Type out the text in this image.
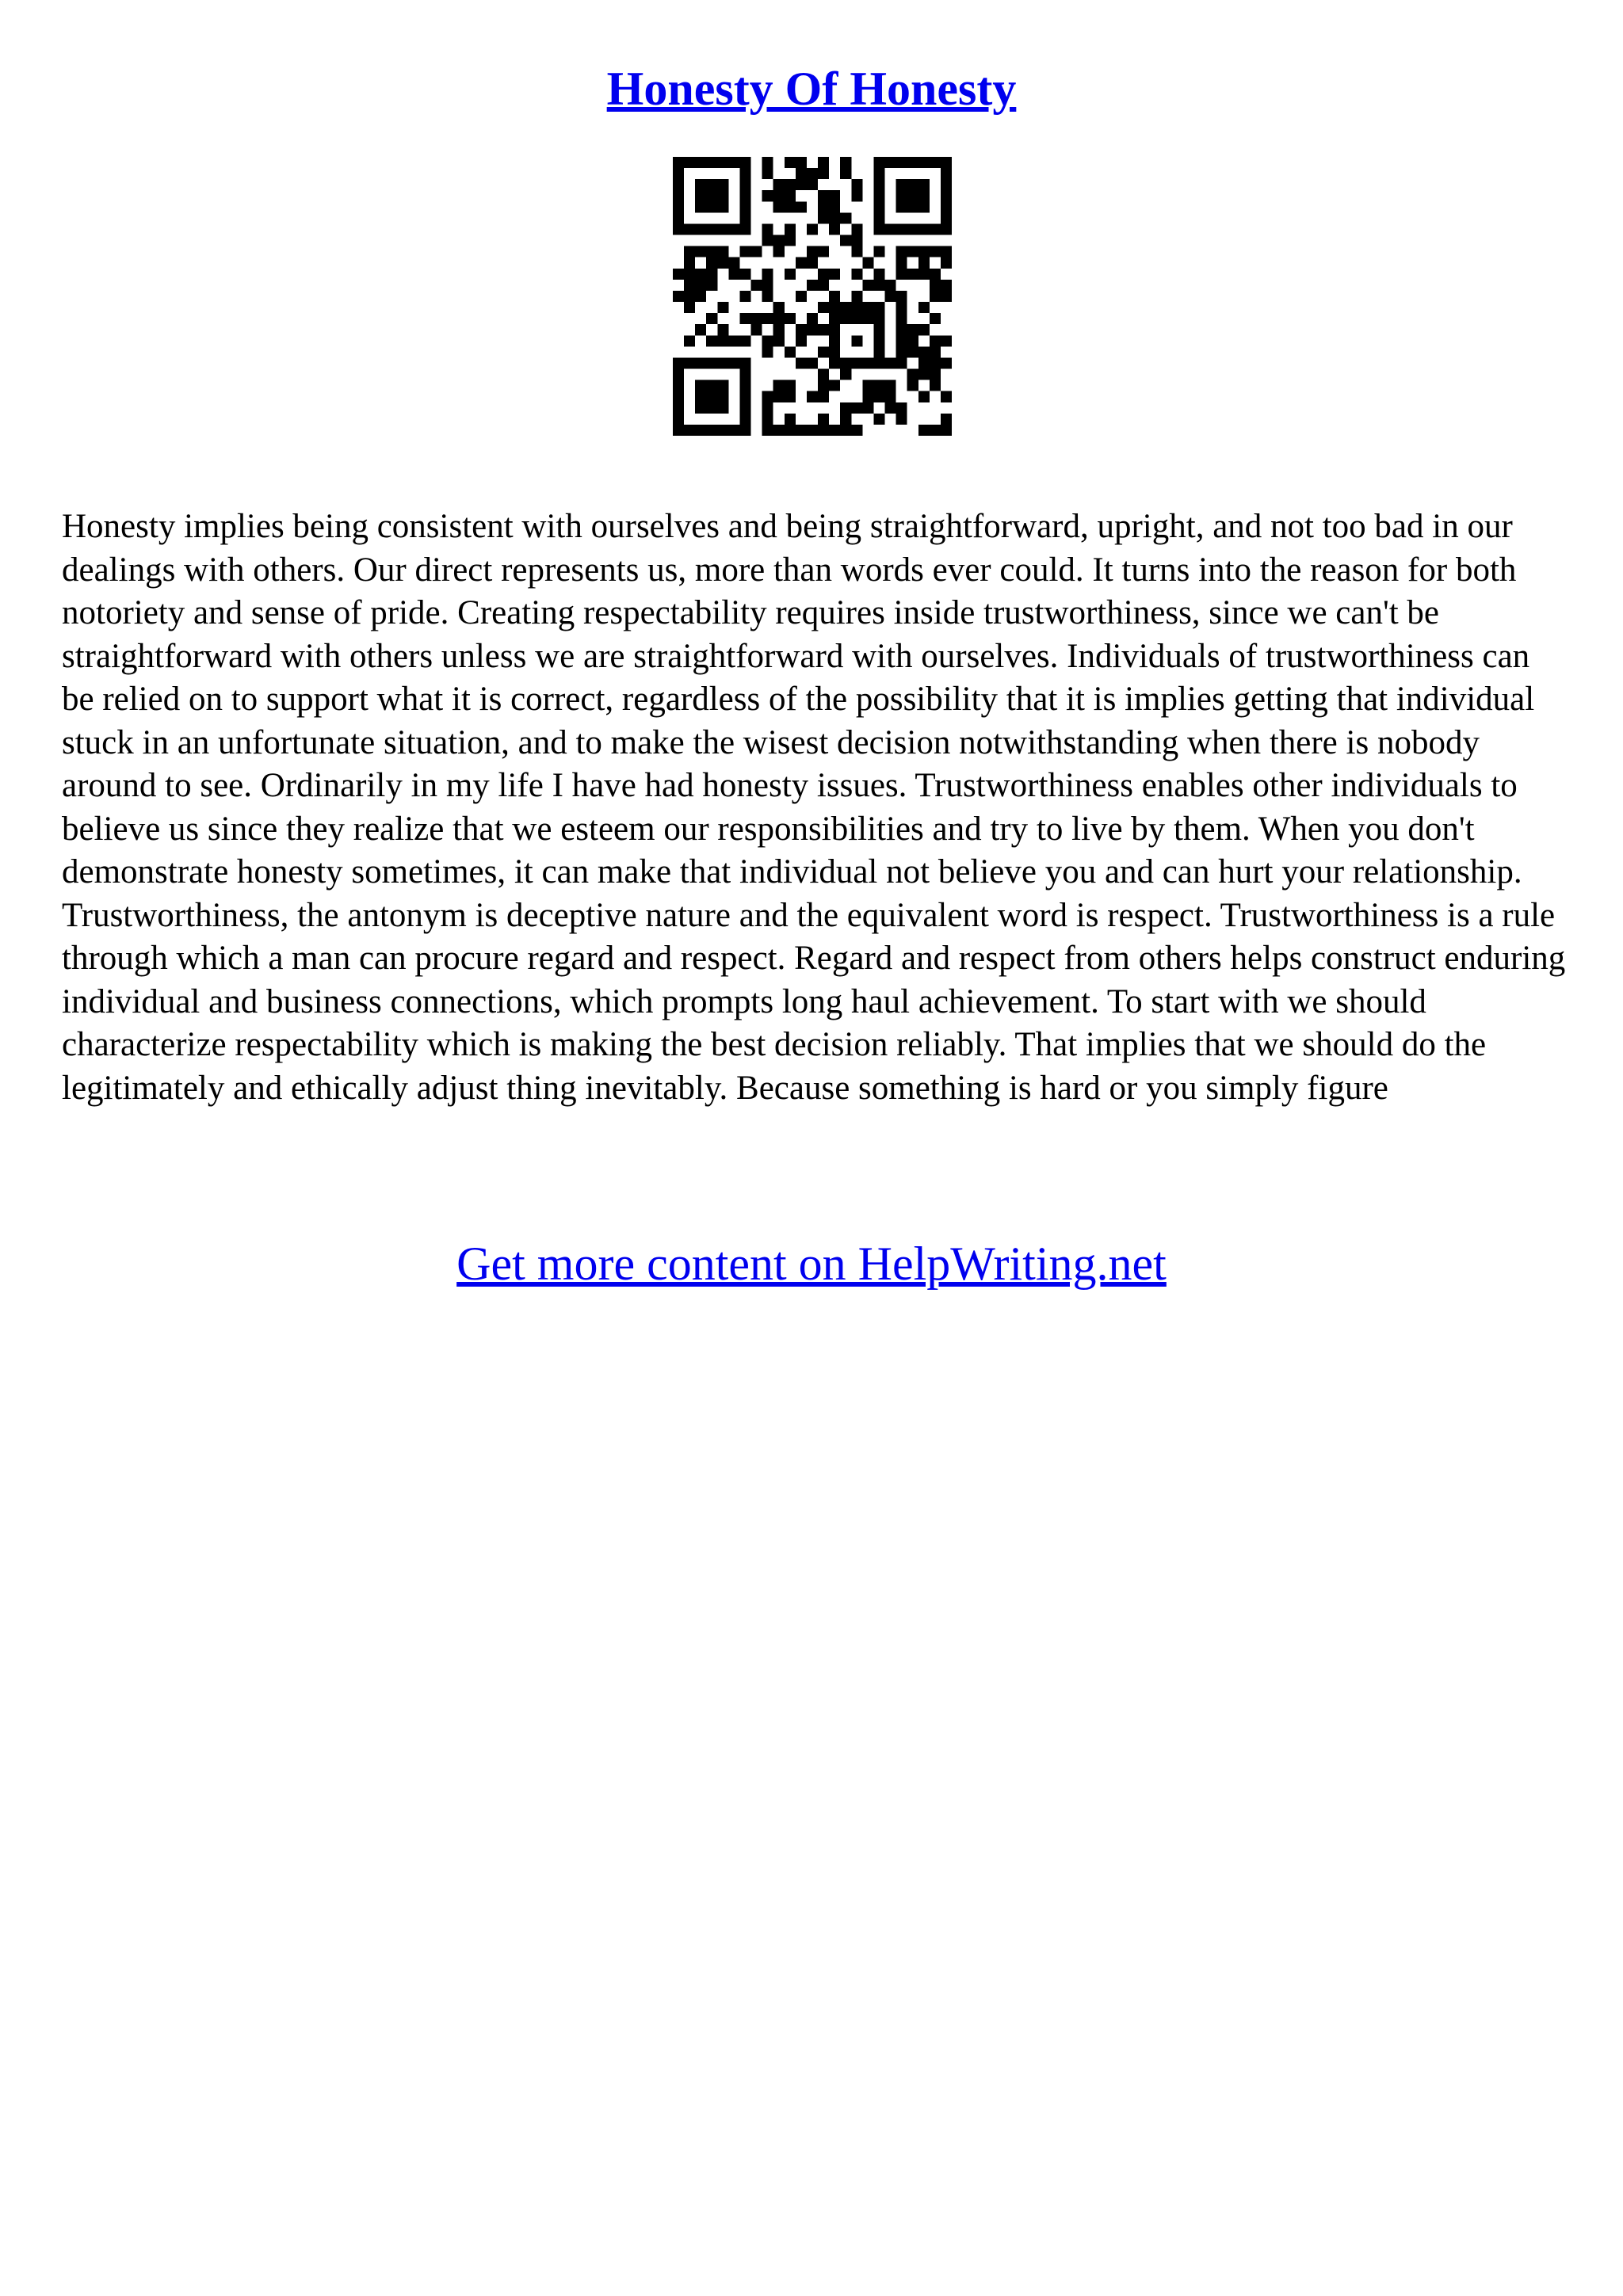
Honesty Of Honesty

Honesty implies being consistent with ourselves and being straightforward, upright, and not too bad in our dealings with others. Our direct represents us, more than words ever could. It turns into the reason for both notoriety and sense of pride. Creating respectability requires inside trustworthiness, since we can't be straightforward with others unless we are straightforward with ourselves. Individuals of trustworthiness can be relied on to support what it is correct, regardless of the possibility that it is implies getting that individual stuck in an unfortunate situation, and to make the wisest decision notwithstanding when there is nobody around to see. Ordinarily in my life I have had honesty issues. Trustworthiness enables other individuals to believe us since they realize that we esteem our responsibilities and try to live by them. When you don't demonstrate honesty sometimes, it can make that individual not believe you and can hurt your relationship. Trustworthiness, the antonym is deceptive nature and the equivalent word is respect. Trustworthiness is a rule through which a man can procure regard and respect. Regard and respect from others helps construct enduring individual and business connections, which prompts long haul achievement. To start with we should characterize respectability which is making the best decision reliably. That implies that we should do the legitimately and ethically adjust thing inevitably. Because something is hard or you simply figure

Get more content on HelpWriting.net
